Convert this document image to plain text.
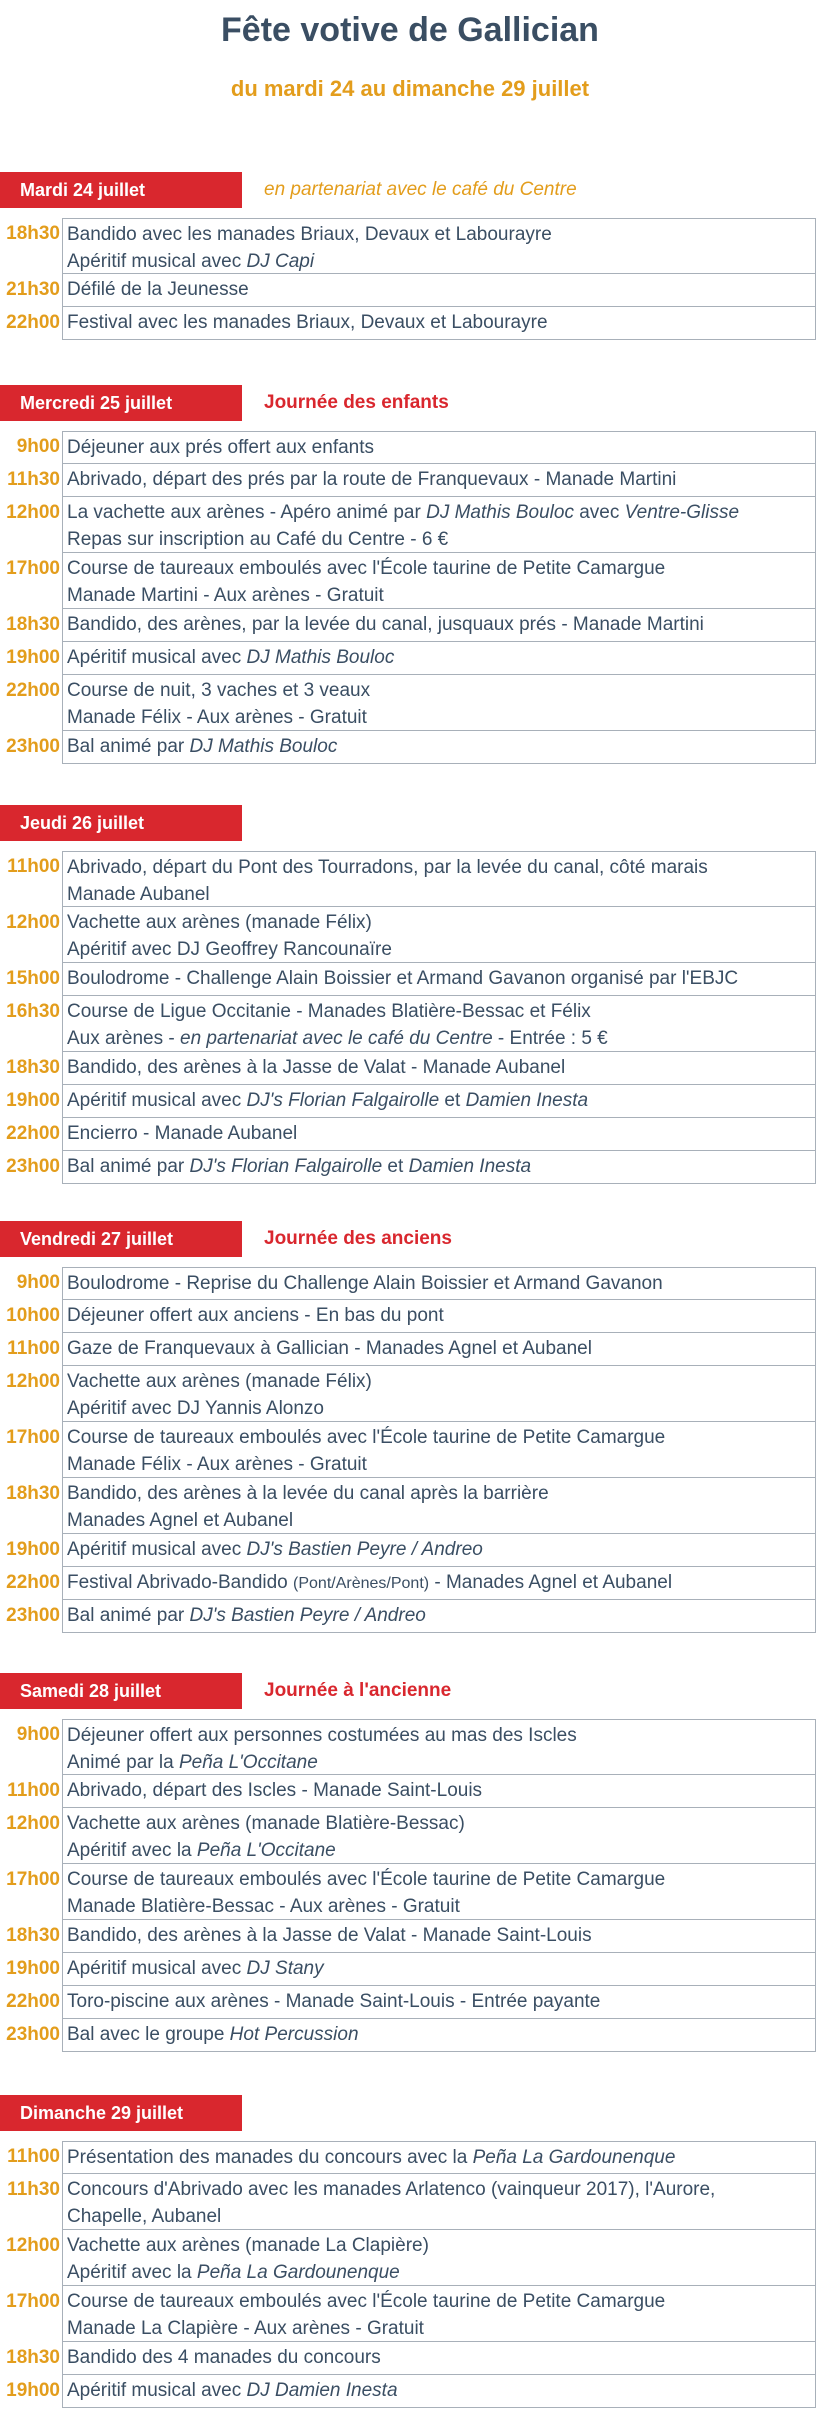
Fête votive de Gallician
du mardi 24 au dimanche 29 juillet
Mardi 24 juillet	en partenariat avec le café du Centre
18h30 Bandido avec les manades Briaux, Devaux et Labourayre
Apéritif musical avec DJ Capi
21h30 Défilé de la Jeunesse
22h00 Festival avec les manades Briaux, Devaux et Labourayre
Mercredi 25 juillet	Journée des enfants
9h00 Déjeuner aux prés offert aux enfants
11h30 Abrivado, départ des prés par la route de Franquevaux - Manade Martini
12h00 La vachette aux arènes - Apéro animé par DJ Mathis Bouloc avec Ventre-Glisse
Repas sur inscription au Café du Centre - 6 €
17h00 Course de taureaux emboulés avec l'École taurine de Petite Camargue
Manade Martini - Aux arènes - Gratuit
18h30 Bandido, des arènes, par la levée du canal, jusquaux prés - Manade Martini
19h00 Apéritif musical avec DJ Mathis Bouloc
22h00 Course de nuit, 3 vaches et 3 veaux
Manade Félix - Aux arènes - Gratuit
23h00 Bal animé par DJ Mathis Bouloc
Jeudi 26 juillet
11h00 Abrivado, départ du Pont des Tourradons, par la levée du canal, côté marais
Manade Aubanel
12h00 Vachette aux arènes (manade Félix)
Apéritif avec DJ Geoffrey Rancounaïre
15h00 Boulodrome - Challenge Alain Boissier et Armand Gavanon organisé par l'EBJC
16h30 Course de Ligue Occitanie - Manades Blatière-Bessac et Félix
Aux arènes - en partenariat avec le café du Centre - Entrée : 5 €
18h30 Bandido, des arènes à la Jasse de Valat - Manade Aubanel
19h00 Apéritif musical avec DJ's Florian Falgairolle et Damien Inesta
22h00 Encierro - Manade Aubanel
23h00 Bal animé par DJ's Florian Falgairolle et Damien Inesta
Vendredi 27 juillet	Journée des anciens
9h00 Boulodrome - Reprise du Challenge Alain Boissier et Armand Gavanon
10h00 Déjeuner offert aux anciens - En bas du pont
11h00 Gaze de Franquevaux à Gallician - Manades Agnel et Aubanel
12h00 Vachette aux arènes (manade Félix)
Apéritif avec DJ Yannis Alonzo
17h00 Course de taureaux emboulés avec l'École taurine de Petite Camargue
Manade Félix - Aux arènes - Gratuit
18h30 Bandido, des arènes à la levée du canal après la barrière
Manades Agnel et Aubanel
19h00 Apéritif musical avec DJ's Bastien Peyre / Andreo
22h00 Festival Abrivado-Bandido (Pont/Arènes/Pont) - Manades Agnel et Aubanel
23h00 Bal animé par DJ's Bastien Peyre / Andreo
Samedi 28 juillet	Journée à l'ancienne
9h00 Déjeuner offert aux personnes costumées au mas des Iscles
Animé par la Peña L'Occitane
11h00 Abrivado, départ des Iscles - Manade Saint-Louis
12h00 Vachette aux arènes (manade Blatière-Bessac)
Apéritif avec la Peña L'Occitane
17h00 Course de taureaux emboulés avec l'École taurine de Petite Camargue
Manade Blatière-Bessac - Aux arènes - Gratuit
18h30 Bandido, des arènes à la Jasse de Valat - Manade Saint-Louis
19h00 Apéritif musical avec DJ Stany
22h00 Toro-piscine aux arènes - Manade Saint-Louis - Entrée payante
23h00 Bal avec le groupe Hot Percussion
Dimanche 29 juillet
11h00 Présentation des manades du concours avec la Peña La Gardounenque
11h30 Concours d'Abrivado avec les manades Arlatenco (vainqueur 2017), l'Aurore,
Chapelle, Aubanel
12h00 Vachette aux arènes (manade La Clapière)
Apéritif avec la Peña La Gardounenque
17h00 Course de taureaux emboulés avec l'École taurine de Petite Camargue
Manade La Clapière - Aux arènes - Gratuit
18h30 Bandido des 4 manades du concours
19h00 Apéritif musical avec DJ Damien Inesta
